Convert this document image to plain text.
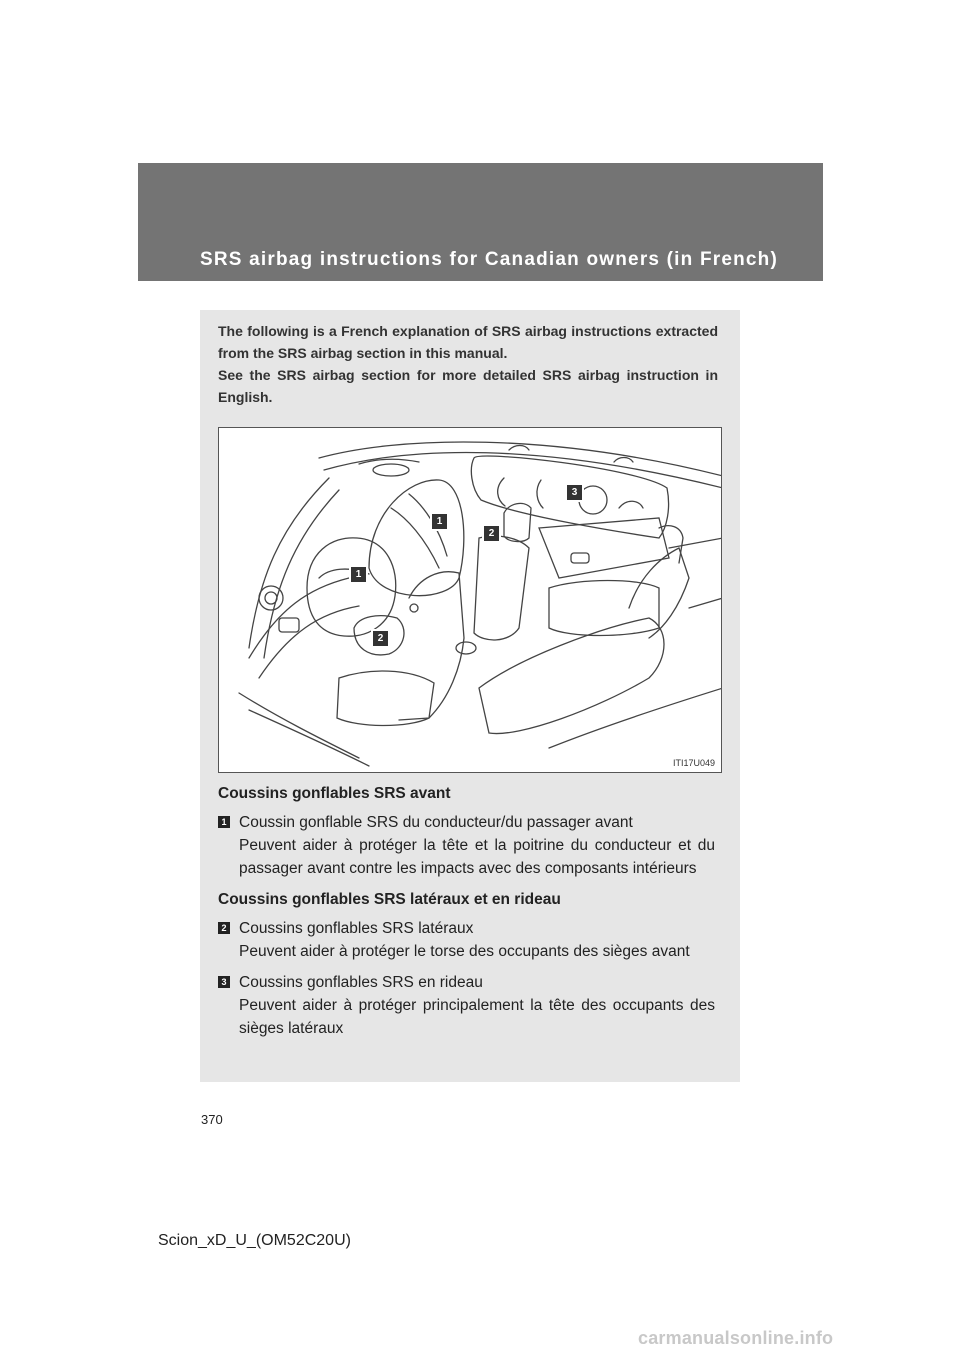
SRS airbag instructions for Canadian owners (in French)

The following is a French explanation of SRS airbag instructions extracted from the SRS airbag section in this manual.

See the SRS airbag section for more detailed SRS airbag instruction in English.

1
2
3
1
2
ITI17U049
Coussins gonflables SRS avant
1 Coussin gonflable SRS du conducteur/du passager avant
Peuvent aider à protéger la tête et la poitrine du conducteur et du passager avant contre les impacts avec des composants intérieurs
Coussins gonflables SRS latéraux et en rideau
2 Coussins gonflables SRS latéraux
Peuvent aider à protéger le torse des occupants des sièges avant
3 Coussins gonflables SRS en rideau
Peuvent aider à protéger principalement la tête des occupants des sièges latéraux
370
Scion_xD_U_(OM52C20U)
carmanualsonline.info
